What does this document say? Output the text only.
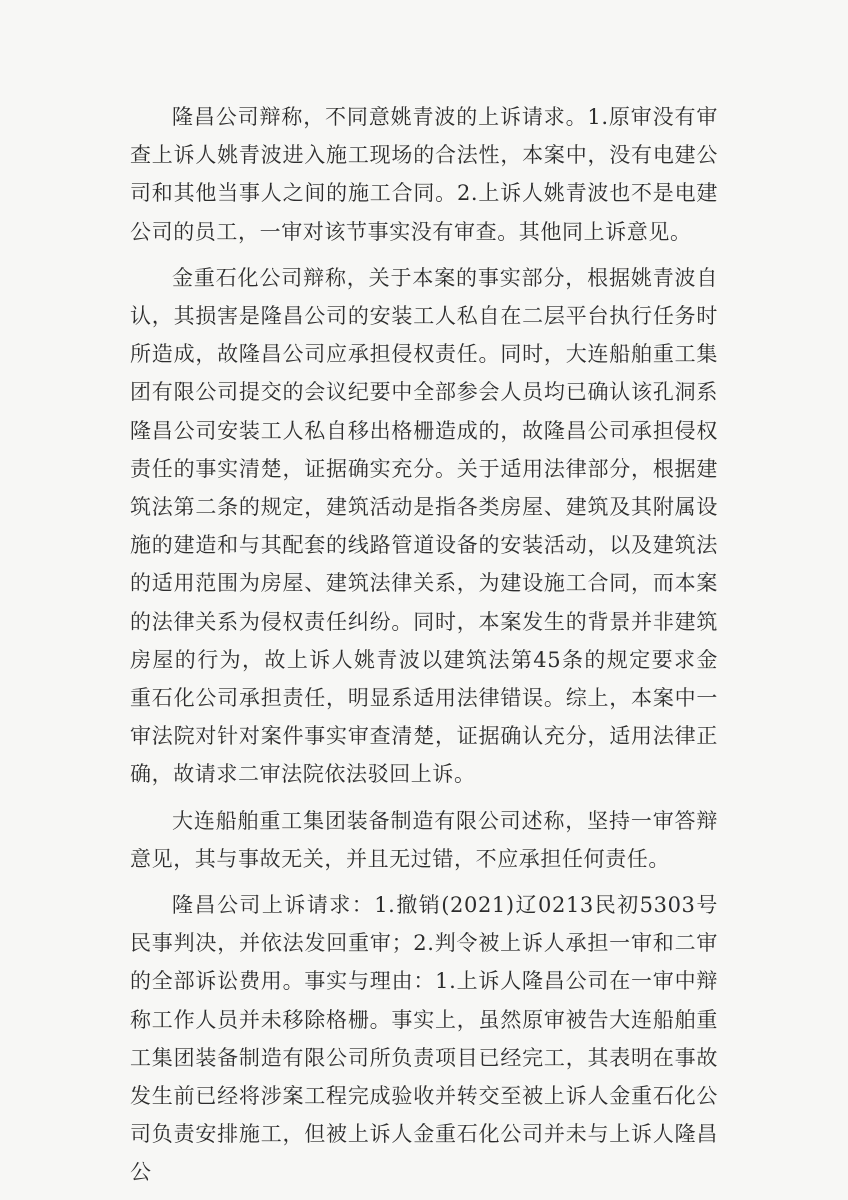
隆昌公司辩称，不同意姚青波的上诉请求。1.原审没有审查上诉人姚青波进入施工现场的合法性，本案中，没有电建公司和其他当事人之间的施工合同。2.上诉人姚青波也不是电建公司的员工，一审对该节事实没有审查。其他同上诉意见。

金重石化公司辩称，关于本案的事实部分，根据姚青波自认，其损害是隆昌公司的安装工人私自在二层平台执行任务时所造成，故隆昌公司应承担侵权责任。同时，大连船舶重工集团有限公司提交的会议纪要中全部参会人员均已确认该孔洞系隆昌公司安装工人私自移出格栅造成的，故隆昌公司承担侵权责任的事实清楚，证据确实充分。关于适用法律部分，根据建筑法第二条的规定，建筑活动是指各类房屋、建筑及其附属设施的建造和与其配套的线路管道设备的安装活动，以及建筑法的适用范围为房屋、建筑法律关系，为建设施工合同，而本案的法律关系为侵权责任纠纷。同时，本案发生的背景并非建筑房屋的行为，故上诉人姚青波以建筑法第45条的规定要求金重石化公司承担责任，明显系适用法律错误。综上，本案中一审法院对针对案件事实审查清楚，证据确认充分，适用法律正确，故请求二审法院依法驳回上诉。

大连船舶重工集团装备制造有限公司述称，坚持一审答辩意见，其与事故无关，并且无过错，不应承担任何责任。

隆昌公司上诉请求：1.撤销(2021)辽0213民初5303号民事判决，并依法发回重审；2.判令被上诉人承担一审和二审的全部诉讼费用。事实与理由：1.上诉人隆昌公司在一审中辩称工作人员并未移除格栅。事实上，虽然原审被告大连船舶重工集团装备制造有限公司所负责项目已经完工，其表明在事故发生前已经将涉案工程完成验收并转交至被上诉人金重石化公司负责安排施工，但被上诉人金重石化公司并未与上诉人隆昌公
